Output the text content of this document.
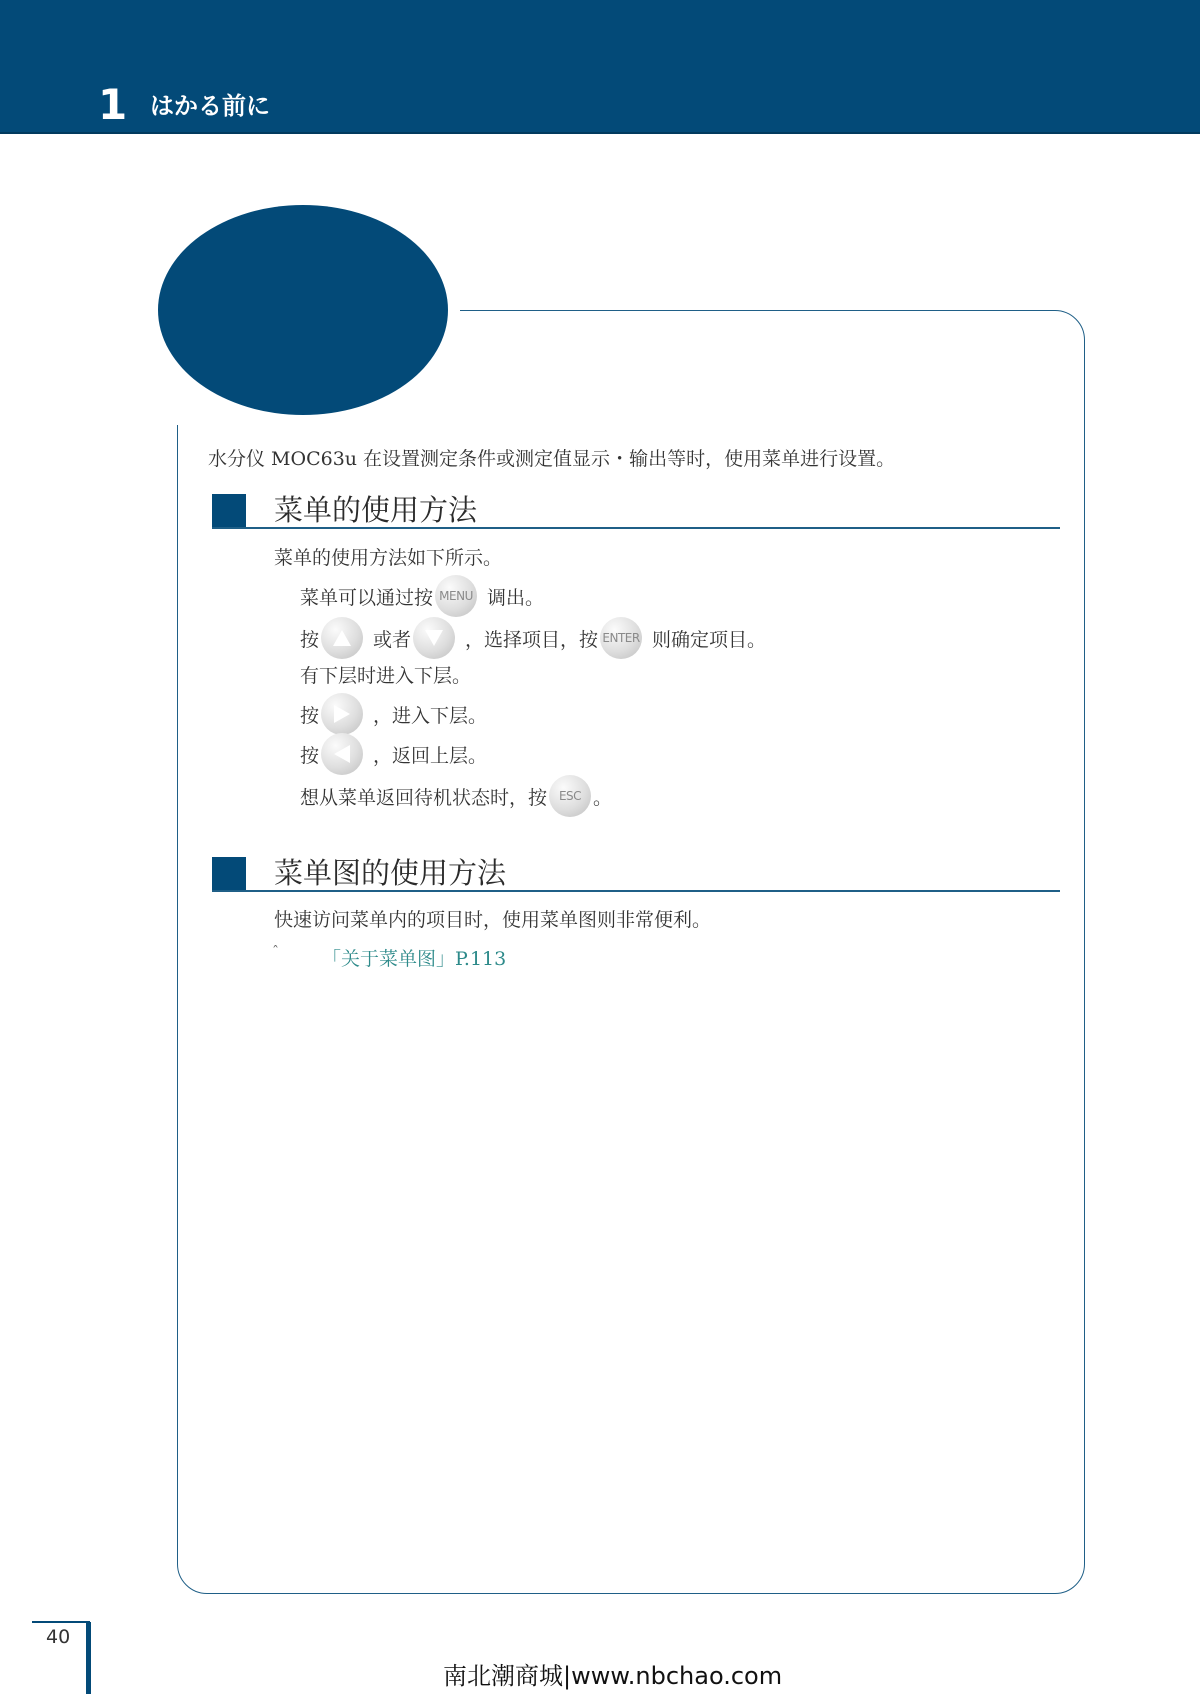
1 はかる前に
水分仪 MOC63u 在设置测定条件或测定值显示・输出等时，使用菜单进行设置。
菜单的使用方法
菜单的使用方法如下所示。
菜单可以通过按 MENU 调出。
按	或者	，选择项目，按 ENTER 则确定项目。
有下层时进入下层。
按	，进入下层。
按	，返回上层。
想从菜单返回待机状态时，按 ESC 。
菜单图的使用方法
快速访问菜单内的项目时，使用菜单图则非常便利。
ˆ 「关于菜单图」P.113
40
南北潮商城|www.nbchao.com
